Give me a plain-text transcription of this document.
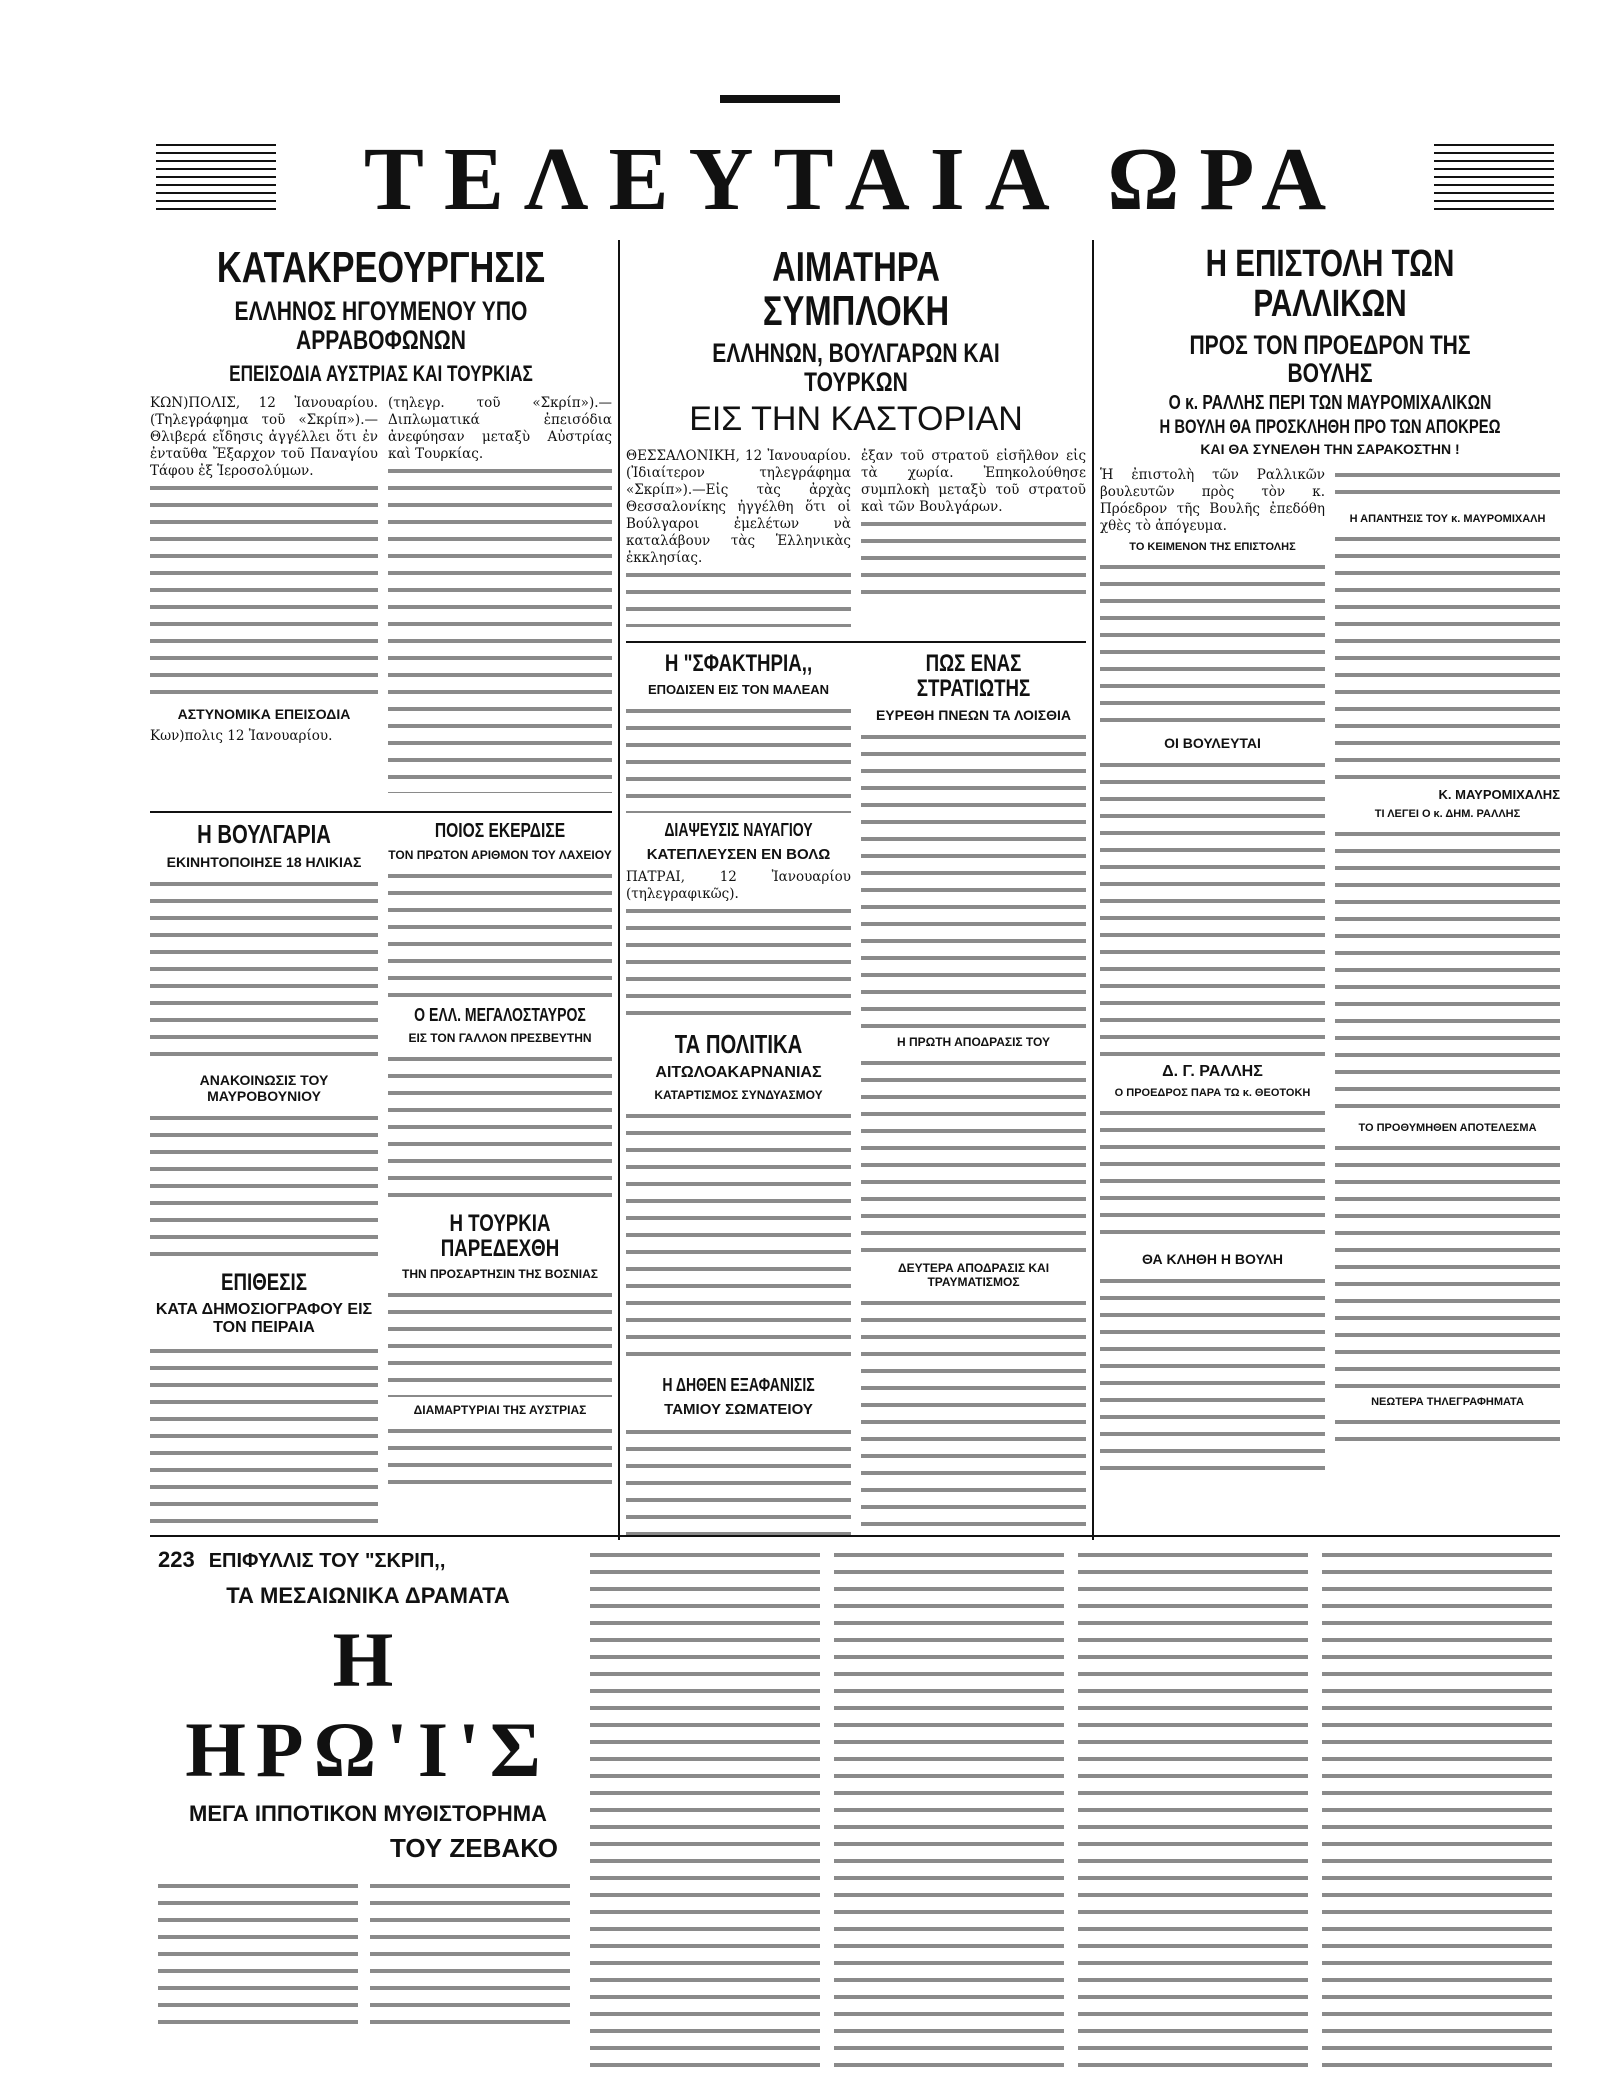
ΤΕΛΕΥΤΑΙΑ ΩΡΑ
ΚΑΤΑΚΡΕΟΥΡΓΗΣΙΣ
ΕΛΛΗΝΟΣ ΗΓΟΥΜΕΝΟΥ ΥΠΟ ΑΡΡΑΒΟΦΩΝΩΝ
ΕΠΕΙΣΟΔΙΑ ΑΥΣΤΡΙΑΣ ΚΑΙ ΤΟΥΡΚΙΑΣ
ΚΩΝ)ΠΟΛΙΣ, 12 Ἰανουαρίου. (Τηλεγράφημα τοῦ «Σκρίπ»).—Θλιβερά εἴδησις ἀγγέλλει ὅτι ἐν ἐνταῦθα Ἔξαρχον τοῦ Παναγίου Τάφου ἐξ Ἱεροσολύμων.
ΑΣΤΥΝΟΜΙΚΑ ΕΠΕΙΣΟΔΙΑ
Κων)πολις 12 Ἰανουαρίου.
(τηλεγρ. τοῦ «Σκρίπ»).—Διπλωματικά ἐπεισόδια ἀνεφύησαν μεταξὺ Αὐστρίας καὶ Τουρκίας.
Η ΒΟΥΛΓΑΡΙΑ
ΕΚΙΝΗΤΟΠΟΙΗΣΕ 18 ΗΛΙΚΙΑΣ
ΑΝΑΚΟΙΝΩΣΙΣ ΤΟΥ ΜΑΥΡΟΒΟΥΝΙΟΥ
ΕΠΙΘΕΣΙΣ
ΚΑΤΑ ΔΗΜΟΣΙΟΓΡΑΦΟΥ ΕΙΣ ΤΟΝ ΠΕΙΡΑΙΑ
ΠΟΙΟΣ ΕΚΕΡΔΙΣΕ
ΤΟΝ ΠΡΩΤΟΝ ΑΡΙΘΜΟΝ ΤΟΥ ΛΑΧΕΙΟΥ
Ο ΕΛΛ. ΜΕΓΑΛΟΣΤΑΥΡΟΣ
ΕΙΣ ΤΟΝ ΓΑΛΛΟΝ ΠΡΕΣΒΕΥΤΗΝ
Η ΤΟΥΡΚΙΑ ΠΑΡΕΔΕΧΘΗ
ΤΗΝ ΠΡΟΣΑΡΤΗΣΙΝ ΤΗΣ ΒΟΣΝΙΑΣ
ΔΙΑΜΑΡΤΥΡΙΑΙ ΤΗΣ ΑΥΣΤΡΙΑΣ
ΑΙΜΑΤΗΡΑ ΣΥΜΠΛΟΚΗ
ΕΛΛΗΝΩΝ, ΒΟΥΛΓΑΡΩΝ ΚΑΙ ΤΟΥΡΚΩΝ
ΕΙΣ ΤΗΝ ΚΑΣΤΟΡΙΑΝ
ΘΕΣΣΑΛΟΝΙΚΗ, 12 Ἰανουαρίου. (Ἰδιαίτερον τηλεγράφημα «Σκρίπ»).—Εἰς τὰς ἀρχὰς Θεσσαλονίκης ἠγγέλθη ὅτι οἱ Βούλγαροι ἐμελέτων νὰ καταλάβουν τὰς Ἑλληνικὰς ἐκκλησίας.
ἐξαν τοῦ στρατοῦ εἰσῆλθον εἰς τὰ χωρία. Ἐπηκολούθησε συμπλοκὴ μεταξὺ τοῦ στρατοῦ καὶ τῶν Βουλγάρων.
Η "ΣΦΑΚΤΗΡΙΑ,,
ΕΠΟΔΙΣΕΝ ΕΙΣ ΤΟΝ ΜΑΛΕΑΝ
ΔΙΑΨΕΥΣΙΣ ΝΑΥΑΓΙΟΥ
ΚΑΤΕΠΛΕΥΣΕΝ ΕΝ ΒΟΛΩ
ΠΑΤΡΑΙ, 12 Ἰανουαρίου (τηλεγραφικῶς).
ΤΑ ΠΟΛΙΤΙΚΑ
ΑΙΤΩΛΟΑΚΑΡΝΑΝΙΑΣ
ΚΑΤΑΡΤΙΣΜΟΣ ΣΥΝΔΥΑΣΜΟΥ
Η ΔΗΘΕΝ ΕΞΑΦΑΝΙΣΙΣ
ΤΑΜΙΟΥ ΣΩΜΑΤΕΙΟΥ
ΠΩΣ ΕΝΑΣ ΣΤΡΑΤΙΩΤΗΣ
ΕΥΡΕΘΗ ΠΝΕΩΝ ΤΑ ΛΟΙΣΘΙΑ
Η ΠΡΩΤΗ ΑΠΟΔΡΑΣΙΣ ΤΟΥ
ΔΕΥΤΕΡΑ ΑΠΟΔΡΑΣΙΣ ΚΑΙ ΤΡΑΥΜΑΤΙΣΜΟΣ
Η ΕΠΙΣΤΟΛΗ ΤΩΝ ΡΑΛΛΙΚΩΝ
ΠΡΟΣ ΤΟΝ ΠΡΟΕΔΡΟΝ ΤΗΣ ΒΟΥΛΗΣ
Ο κ. ΡΑΛΛΗΣ ΠΕΡΙ ΤΩΝ ΜΑΥΡΟΜΙΧΑΛΙΚΩΝ
Η ΒΟΥΛΗ ΘΑ ΠΡΟΣΚΛΗΘΗ ΠΡΟ ΤΩΝ ΑΠΟΚΡΕΩ
ΚΑΙ ΘΑ ΣΥΝΕΛΘΗ ΤΗΝ ΣΑΡΑΚΟΣΤΗΝ !
Ἡ ἐπιστολὴ τῶν Ραλλικῶν βουλευτῶν πρὸς τὸν κ. Πρόεδρον τῆς Βουλῆς ἐπεδόθη χθὲς τὸ ἀπόγευμα.
ΤΟ ΚΕΙΜΕΝΟΝ ΤΗΣ ΕΠΙΣΤΟΛΗΣ
ΟΙ ΒΟΥΛΕΥΤΑΙ
Δ. Γ. ΡΑΛΛΗΣ
Ο ΠΡΟΕΔΡΟΣ ΠΑΡΑ ΤΩ κ. ΘΕΟΤΟΚΗ
ΘΑ ΚΛΗΘΗ Η ΒΟΥΛΗ
Η ΑΠΑΝΤΗΣΙΣ ΤΟΥ κ. ΜΑΥΡΟΜΙΧΑΛΗ
Κ. ΜΑΥΡΟΜΙΧΑΛΗΣ
ΤΙ ΛΕΓΕΙ Ο κ. ΔΗΜ. ΡΑΛΛΗΣ
ΤΟ ΠΡΟΘΥΜΗΘΕΝ ΑΠΟΤΕΛΕΣΜΑ
ΝΕΩΤΕΡΑ ΤΗΛΕΓΡΑΦΗΜΑΤΑ
223 ΕΠΙΦΥΛΛΙΣ ΤΟΥ "ΣΚΡΙΠ,,
ΤΑ ΜΕΣΑΙΩΝΙΚΑ ΔΡΑΜΑΤΑ
Η ΗΡΩ'Ι'Σ
ΜΕΓΑ ΙΠΠΟΤΙΚΟΝ ΜΥΘΙΣΤΟΡΗΜΑ
ΤΟΥ ΖΕΒΑΚΟ
